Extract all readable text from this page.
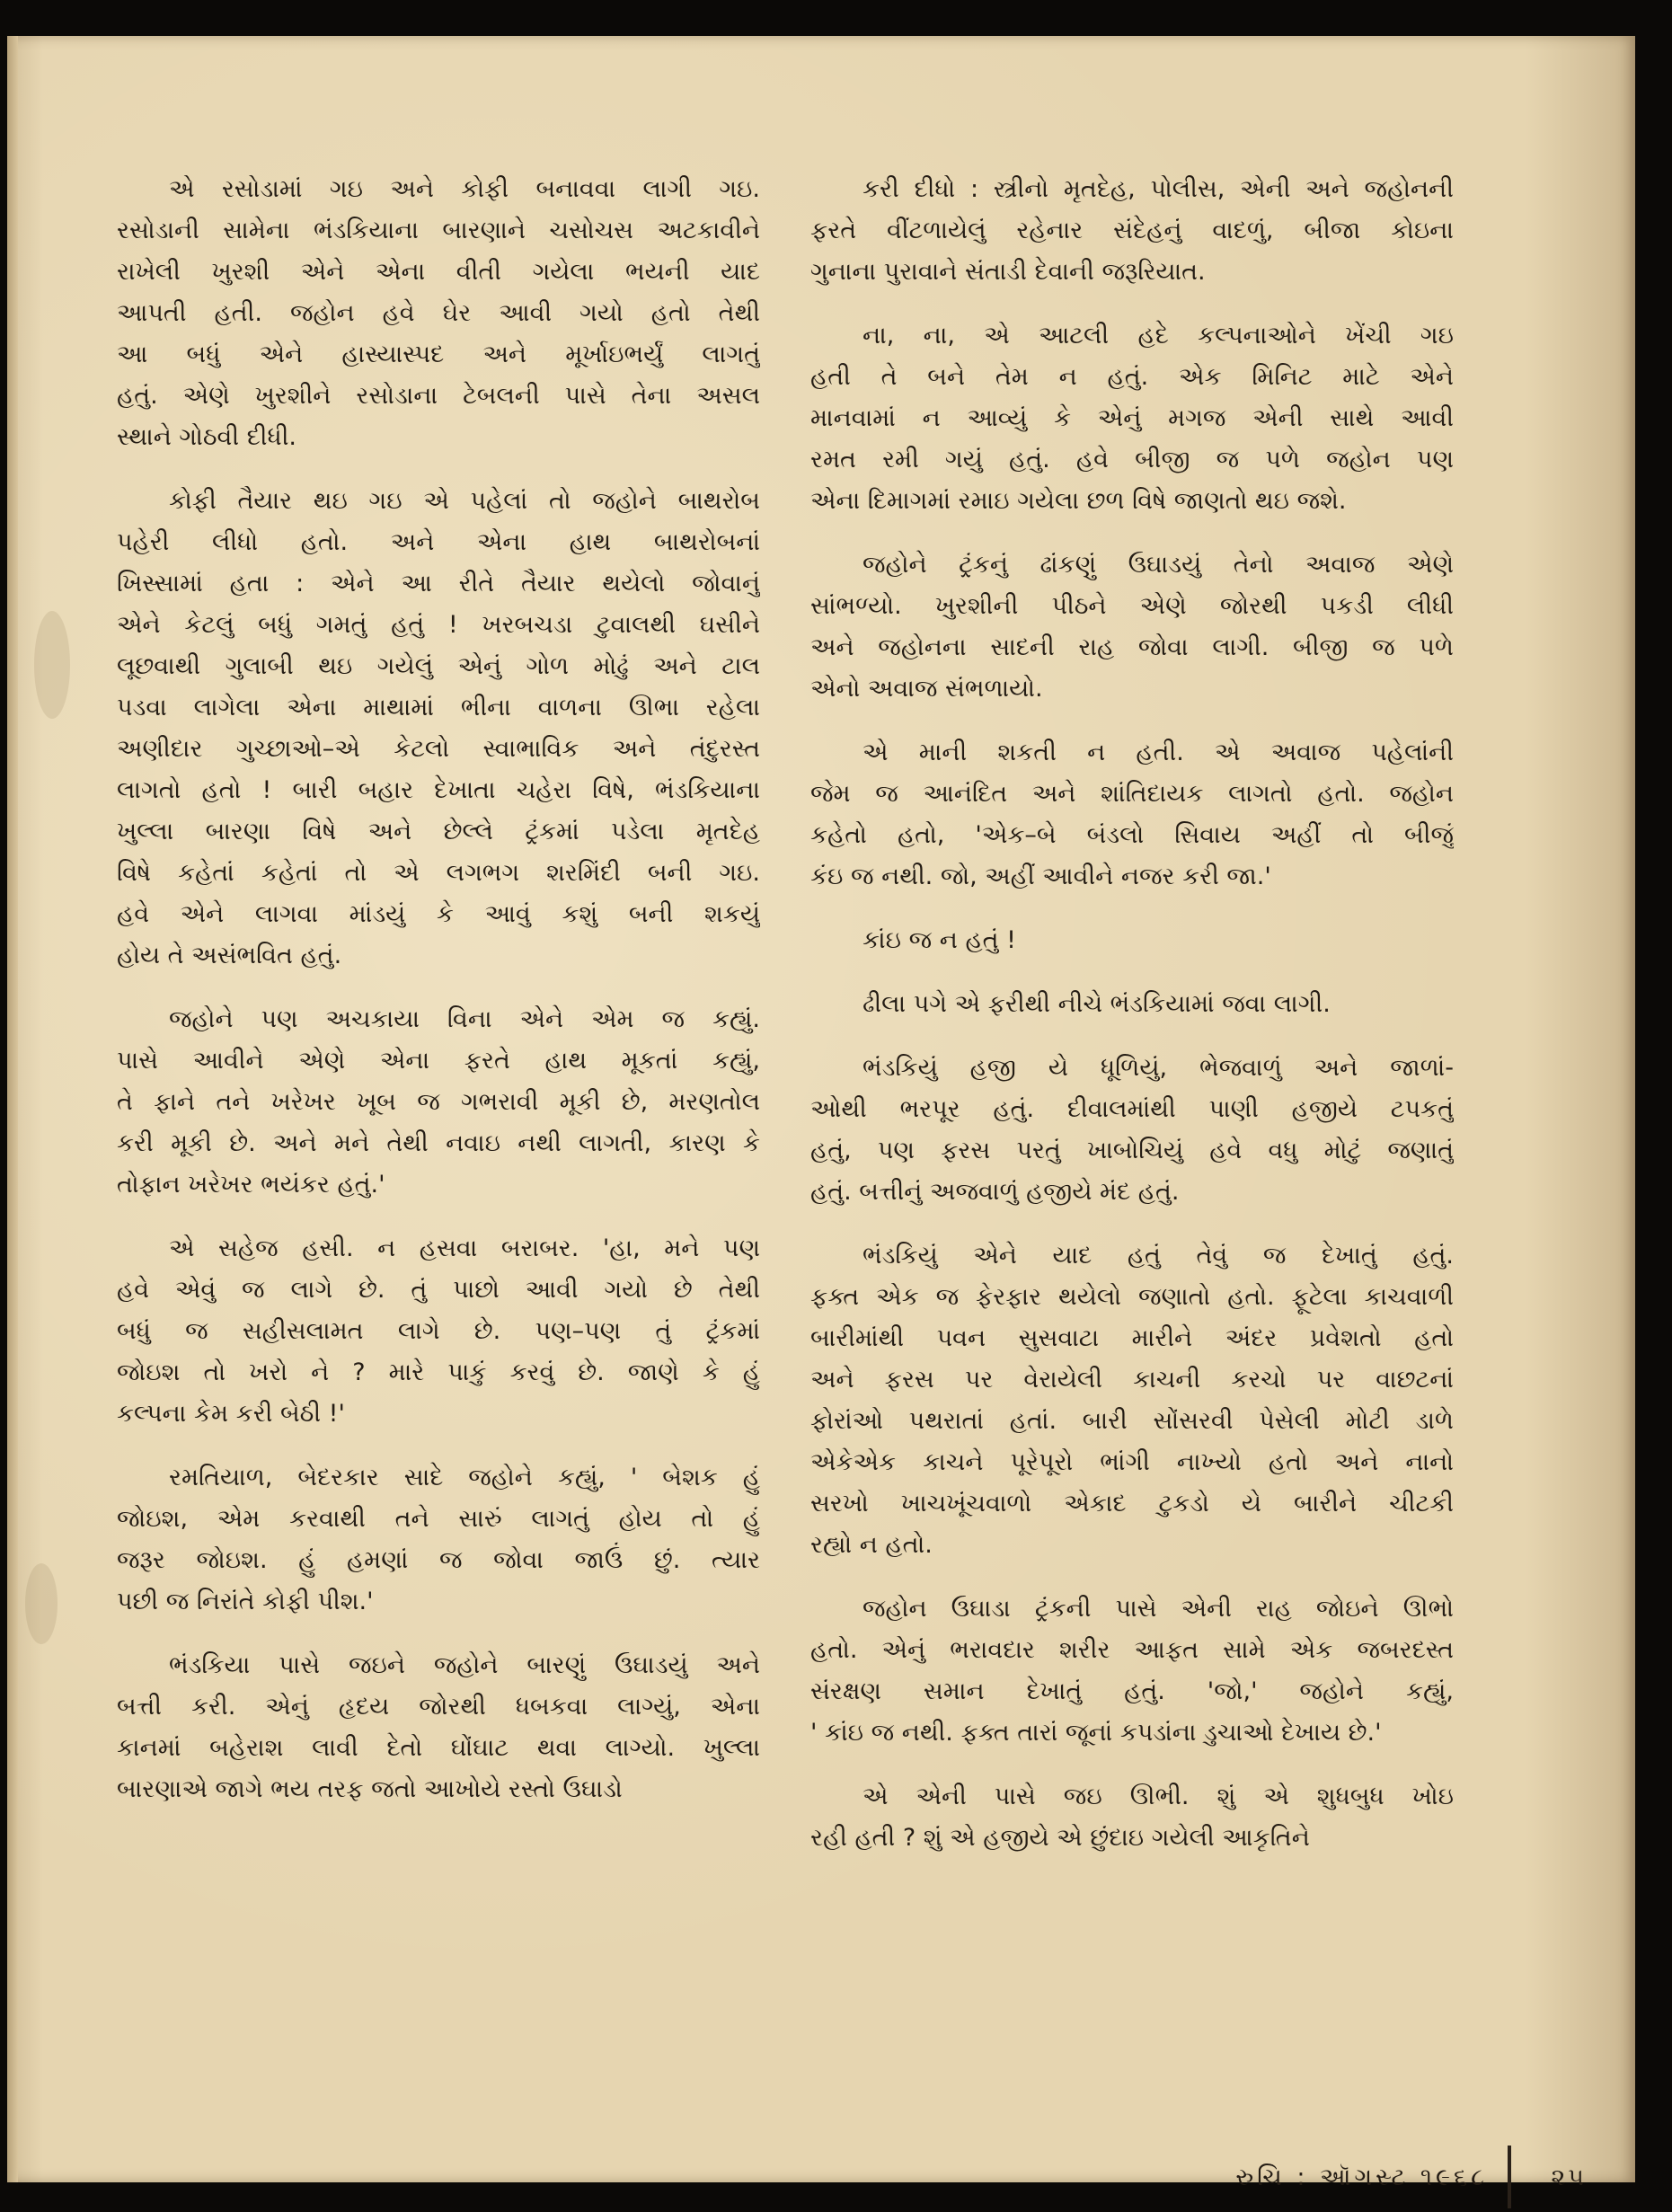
એ રસોડામાં ગઇ અને કોફી બનાવવા લાગી ગઇ.
રસોડાની સામેના ભંડકિયાના બારણાને ચસોચસ અટકાવીને
રાખેલી ખુરશી એને એના વીતી ગયેલા ભયની યાદ
આપતી હતી. જહોન હવે ઘેર આવી ગયો હતો તેથી
આ બધું એને હાસ્યાસ્પદ અને મૂર્ખાઇભર્યું લાગતું
હતું. એણે ખુરશીને રસોડાના ટેબલની પાસે તેના અસલ
સ્થાને ગોઠવી દીધી.

કોફી તૈયાર થઇ ગઇ એ પહેલાં તો જહોને બાથરોબ
પહેરી લીધો હતો. અને એના હાથ બાથરોબનાં
ખિસ્સામાં હતા : એને આ રીતે તૈયાર થયેલો જોવાનું
એને કેટલું બધું ગમતું હતું ! ખરબચડા ટુવાલથી ઘસીને
લૂછવાથી ગુલાબી થઇ ગયેલું એનું ગોળ મોઢું અને ટાલ
પડવા લાગેલા એના માથામાં ભીના વાળના ઊભા રહેલા
અણીદાર ગુચ્છાઓ–એ કેટલો સ્વાભાવિક અને તંદુરસ્ત
લાગતો હતો ! બારી બહાર દેખાતા ચહેરા વિષે, ભંડકિયાના
ખુલ્લા બારણા વિષે અને છેલ્લે ટ્રંકમાં પડેલા મૃતદેહ
વિષે કહેતાં કહેતાં તો એ લગભગ શરમિંદી બની ગઇ.
હવે એને લાગવા માંડયું કે આવું કશું બની શકયું
હોય તે અસંભવિત હતું.

જહોને પણ અચકાયા વિના એને એમ જ કહ્યું.
પાસે આવીને એણે એના ફરતે હાથ મૂકતાં કહ્યું,
તે ફાને તને ખરેખર ખૂબ જ ગભરાવી મૂકી છે, મરણતોલ
કરી મૂકી છે. અને મને તેથી નવાઇ નથી લાગતી, કારણ કે
તોફાન ખરેખર ભયંકર હતું.'

એ સહેજ હસી. ન હસવા બરાબર. 'હા, મને પણ
હવે એવું જ લાગે છે. તું પાછો આવી ગયો છે તેથી
બધું જ સહીસલામત લાગે છે. પણ–પણ તું ટ્રંકમાં
જોઇશ તો ખરો ને ? મારે પાકું કરવું છે. જાણે કે હું
કલ્પના કેમ કરી બેઠી !'

રમતિયાળ, બેદરકાર સાદે જહોને કહ્યું, ' બેશક હું
જોઇશ, એમ કરવાથી તને સારું લાગતું હોય તો હું
જરૂર જોઇશ. હું હમણાં જ જોવા જાઉં છું. ત્યાર
પછી જ નિરાંતે કોફી પીશ.'

ભંડકિયા પાસે જઇને જહોને બારણું ઉઘાડયું અને
બત્તી કરી. એનું હૃદય જોરથી ધબકવા લાગ્યું, એના
કાનમાં બહેરાશ લાવી દેતો ઘોંઘાટ થવા લાગ્યો. ખુલ્લા
બારણાએ જાગે ભય તરફ જતો આખોયે રસ્તો ઉઘાડો

કરી દીધો : સ્ત્રીનો મૃતદેહ, પોલીસ, એની અને જહોનની
ફરતે વીંટળાયેલું રહેનાર સંદેહનું વાદળું, બીજા કોઇના
ગુનાના પુરાવાને સંતાડી દેવાની જરૂરિયાત.

ના, ના, એ આટલી હદે કલ્પનાઓને ખેંચી ગઇ
હતી તે બને તેમ ન હતું. એક મિનિટ માટે એને
માનવામાં ન આવ્યું કે એનું મગજ એની સાથે આવી
રમત રમી ગયું હતું. હવે બીજી જ પળે જહોન પણ
એના દિમાગમાં રમાઇ ગયેલા છળ વિષે જાણતો થઇ જશે.

જહોને ટ્રંકનું ઢાંકણું ઉઘાડયું તેનો અવાજ એણે
સાંભળ્યો. ખુરશીની પીઠને એણે જોરથી પકડી લીધી
અને જહોનના સાદની રાહ જોવા લાગી. બીજી જ પળે
એનો અવાજ સંભળાયો.

એ માની શકતી ન હતી. એ અવાજ પહેલાંની
જેમ જ આનંદિત અને શાંતિદાયક લાગતો હતો. જહોન
કહેતો હતો, 'એક–બે બંડલો સિવાય અહીં તો બીજું
કંઇ જ નથી. જો, અહીં આવીને નજર કરી જા.'

કાંઇ જ ન હતું !

ઢીલા પગે એ ફરીથી નીચે ભંડકિયામાં જવા લાગી.

ભંડકિયું હજી યે ધૂળિયું, ભેજવાળું અને જાળાં-
ઓથી ભરપૂર હતું. દીવાલમાંથી પાણી હજીયે ટપકતું
હતું, પણ ફરસ પરતું ખાબોચિયું હવે વધુ મોટું જણાતું
હતું. બત્તીનું અજવાળું હજીયે મંદ હતું.

ભંડકિયું એને યાદ હતું તેવું જ દેખાતું હતું.
ફક્ત એક જ ફેરફાર થયેલો જણાતો હતો. ફૂટેલા કાચવાળી
બારીમાંથી પવન સુસવાટા મારીને અંદર પ્રવેશતો હતો
અને ફરસ પર વેરાયેલી કાચની કરચો પર વાછટનાં
ફોરાંઓ પથરાતાં હતાં. બારી સોંસરવી પેસેલી મોટી ડાળે
એકેએક કાચને પૂરેપૂરો ભાંગી નાખ્યો હતો અને નાનો
સરખો ખાચખૂંચવાળો એકાદ ટુકડો યે બારીને ચીટકી
રહ્યો ન હતો.

જહોન ઉઘાડા ટ્રંકની પાસે એની રાહ જોઇને ઊભો
હતો. એનું ભરાવદાર શરીર આફત સામે એક જબરદસ્ત
સંરક્ષણ સમાન દેખાતું હતું. 'જો,' જહોને કહ્યું,
' કાંઇ જ નથી. ફક્ત તારાં જૂનાં કપડાંના ડુચાઓ દેખાય છે.'

એ એની પાસે જઇ ઊભી. શું એ શુધબુધ ખોઇ
રહી હતી ? શું એ હજીયે એ છુંદાઇ ગયેલી આકૃતિને

રુચિ : ઑગસ્ટ ૧૯૬૮	૨૫
